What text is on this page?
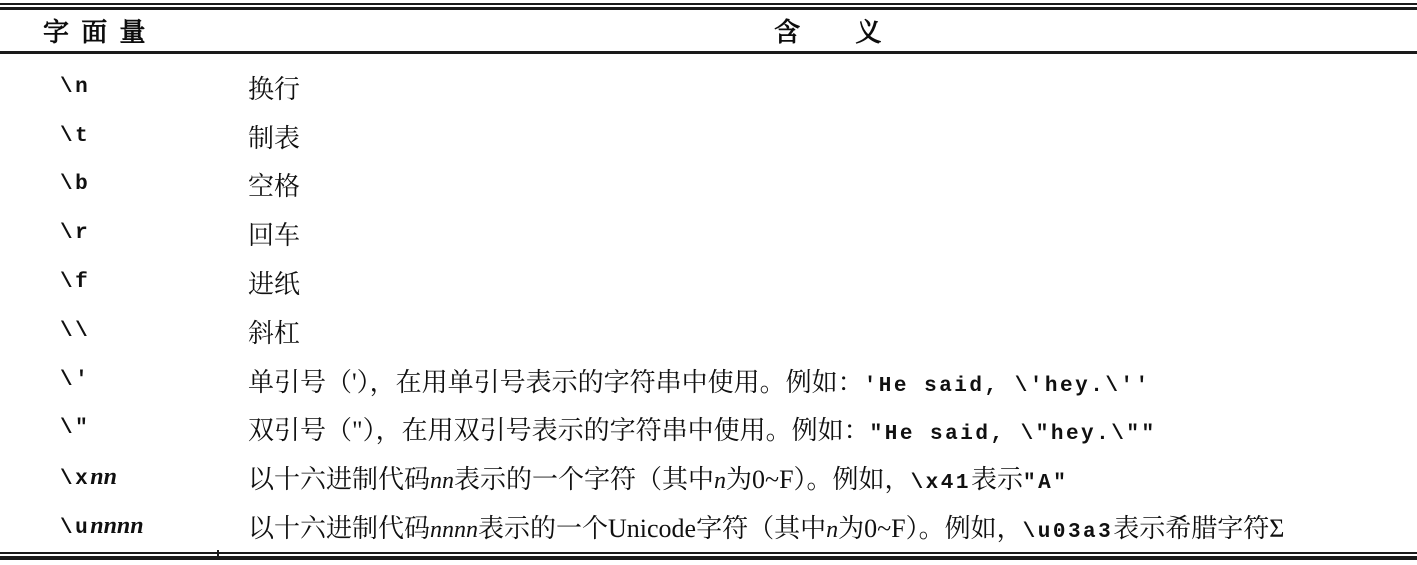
字 面 量	含 义
\n	换行
\t	制表
\b	空格
\r	回车
\f	进纸
\\	斜杠
\'	单引号（'），在用单引号表示的字符串中使用。例如：'He said, \'hey.\''
\"	双引号（"），在用双引号表示的字符串中使用。例如："He said, \"hey.\""
\xnn	以十六进制代码nn表示的一个字符（其中n为0~F）。例如，\x41表示"A"
\unnnn	以十六进制代码nnnn表示的一个Unicode字符（其中n为0~F）。例如，\u03a3表示希腊字符Σ
